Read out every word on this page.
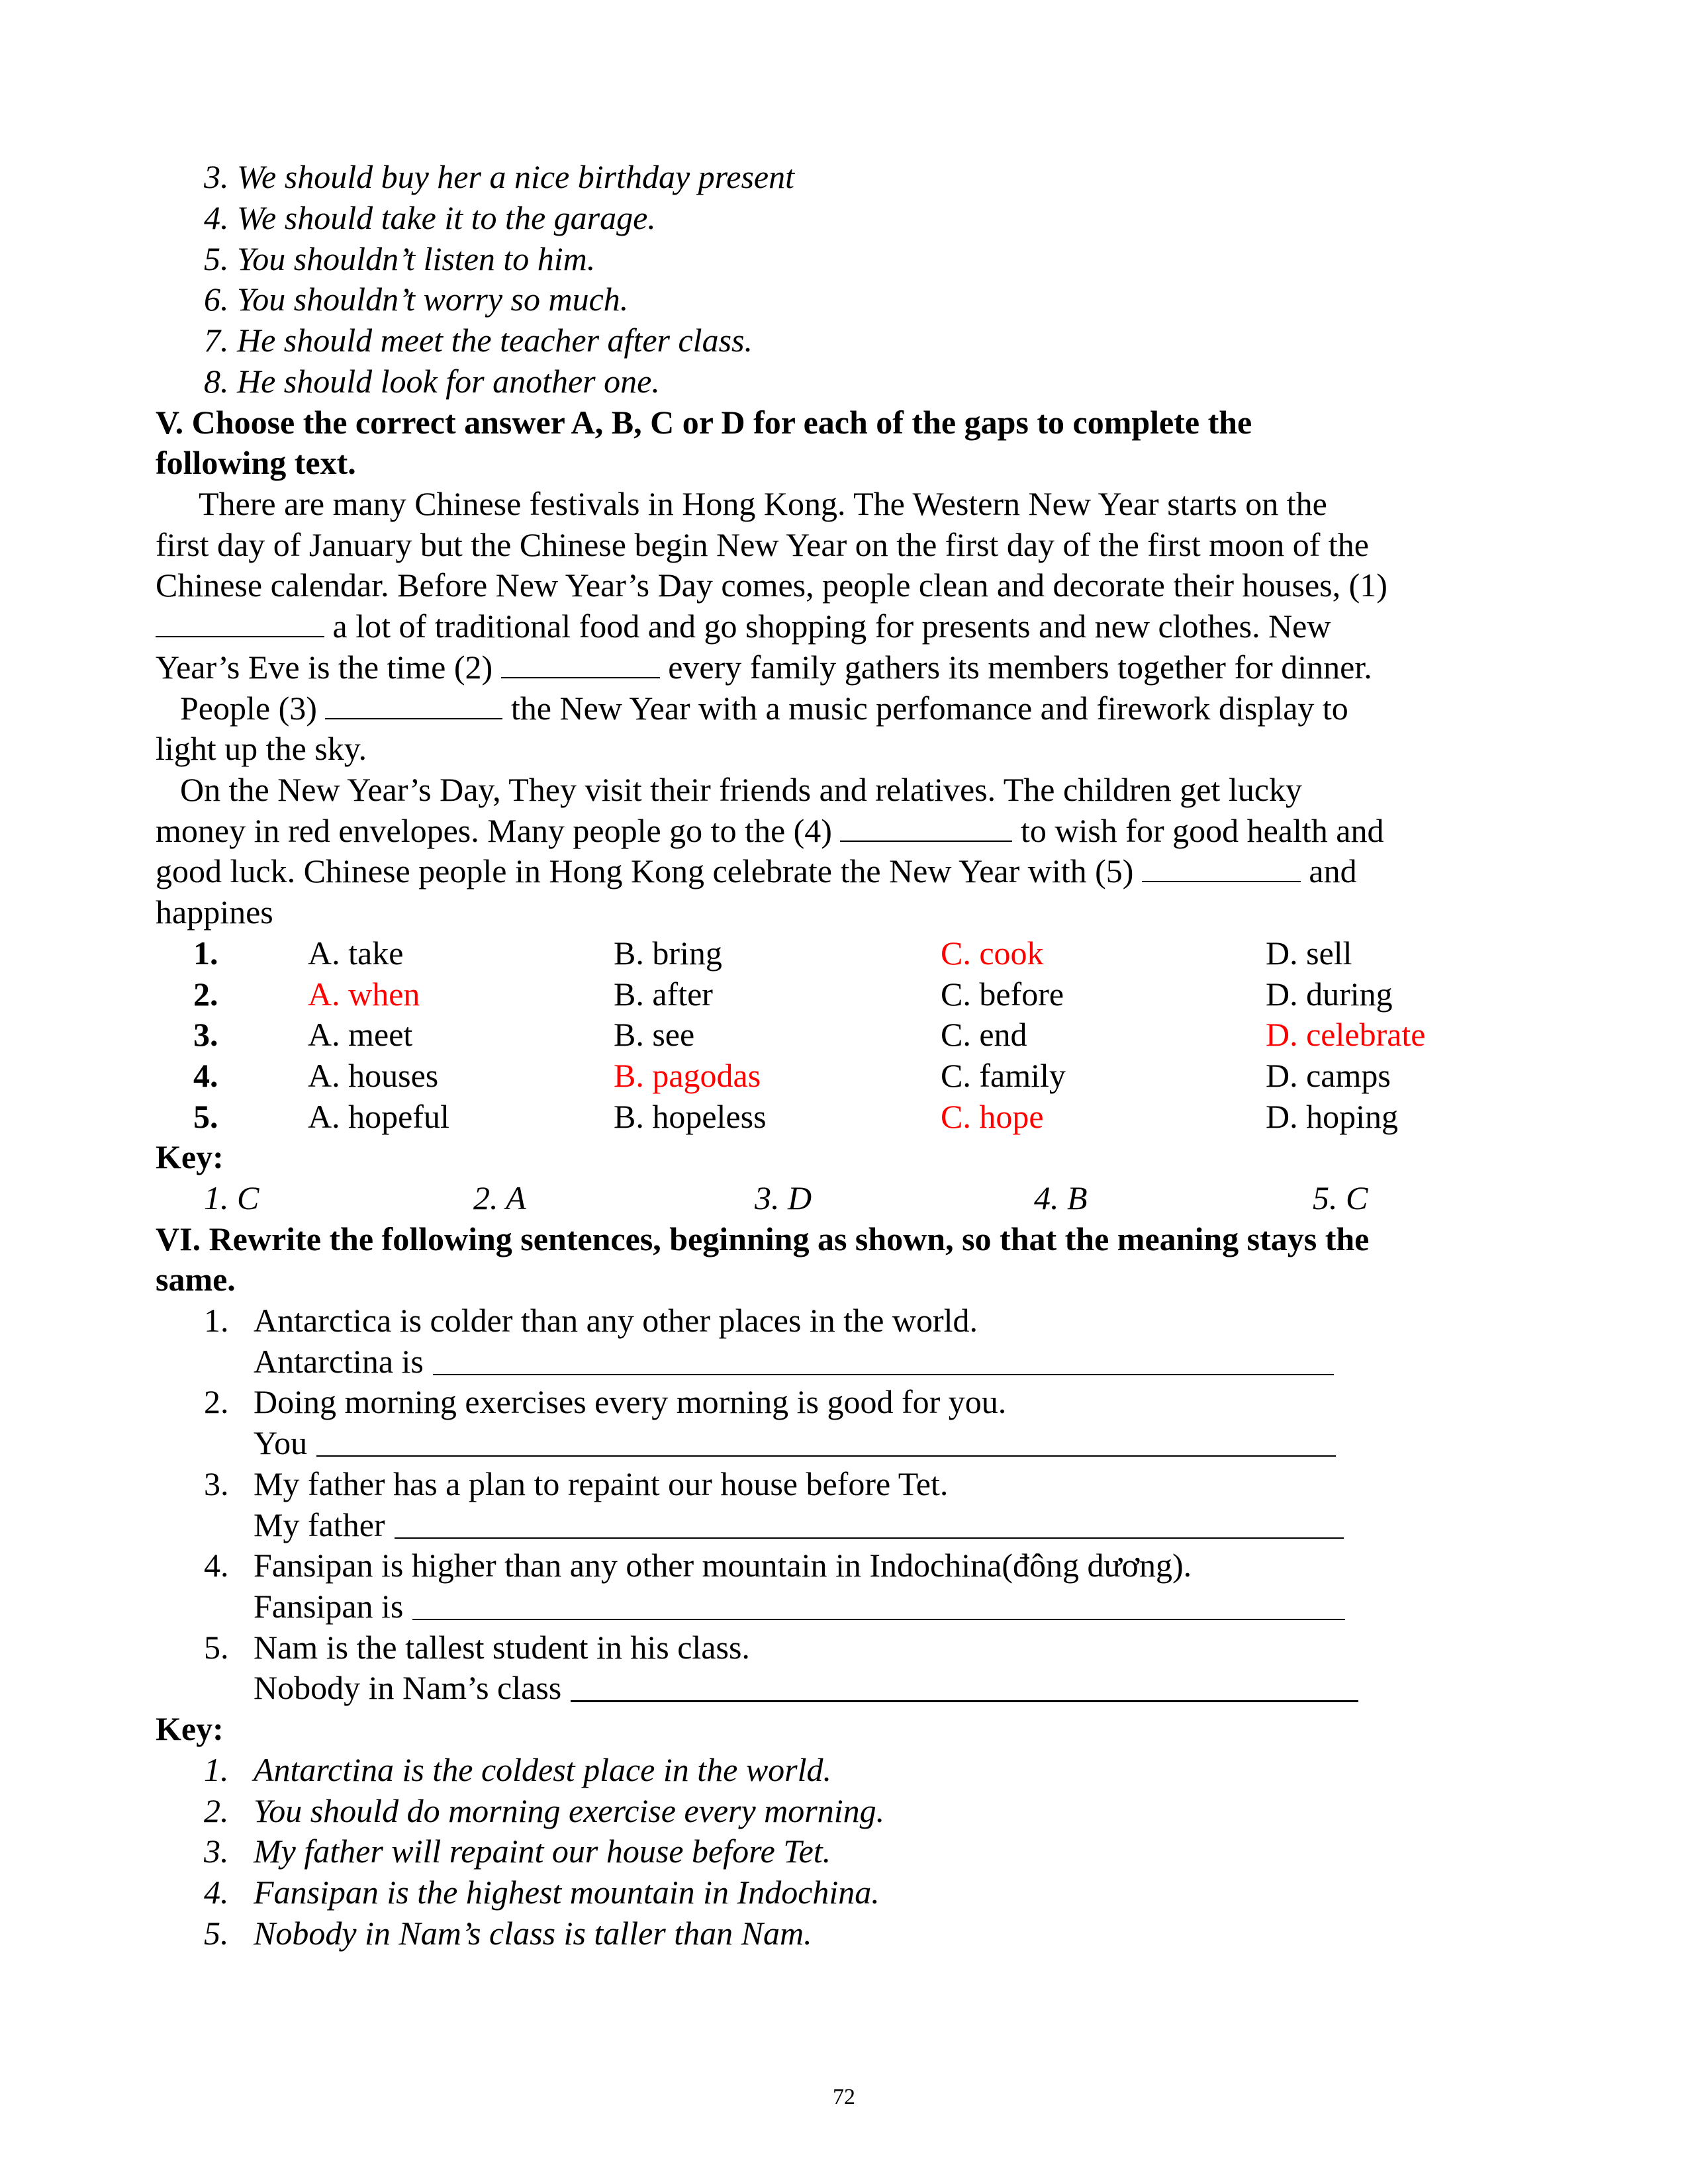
3. We should buy her a nice birthday present
4. We should take it to the garage.
5. You shouldn’t listen to him.
6. You shouldn’t worry so much.
7. He should meet the teacher after class.
8. He should look for another one.
V. Choose the correct answer A, B, C or D for each of the gaps to complete the
following text.
There are many Chinese festivals in Hong Kong. The Western New Year starts on the
first day of January but the Chinese begin New Year on the first day of the first moon of the
Chinese calendar. Before New Year’s Day comes, people clean and decorate their houses, (1)
a lot of traditional food and go shopping for presents and new clothes. New
Year’s Eve is the time (2)	every family gathers its members together for dinner.
People (3)	the New Year with a music perfomance and firework display to
light up the sky.
On the New Year’s Day, They visit their friends and relatives. The children get lucky
money in red envelopes. Many people go to the (4)	to wish for good health and
good luck. Chinese people in Hong Kong celebrate the New Year with (5)	and
happines
1.	A. take	B. bring	C. cook	D. sell
2.	A. when	B. after	C. before	D. during
3.	A. meet	B. see	C. end	D. celebrate
4.	A. houses	B. pagodas	C. family	D. camps
5.	A. hopeful	B. hopeless	C. hope	D. hoping
Key:
1. C	2. A	3. D	4. B	5. C
VI. Rewrite the following sentences, beginning as shown, so that the meaning stays the
same.
1. Antarctica is colder than any other places in the world.
Antarctina is
2. Doing morning exercises every morning is good for you.
You
3. My father has a plan to repaint our house before Tet.
My father
4. Fansipan is higher than any other mountain in Indochina(đông dương).
Fansipan is
5. Nam is the tallest student in his class.
Nobody in Nam’s class
Key:
1. Antarctina is the coldest place in the world.
2. You should do morning exercise every morning.
3. My father will repaint our house before Tet.
4. Fansipan is the highest mountain in Indochina.
5. Nobody in Nam’s class is taller than Nam.
72
